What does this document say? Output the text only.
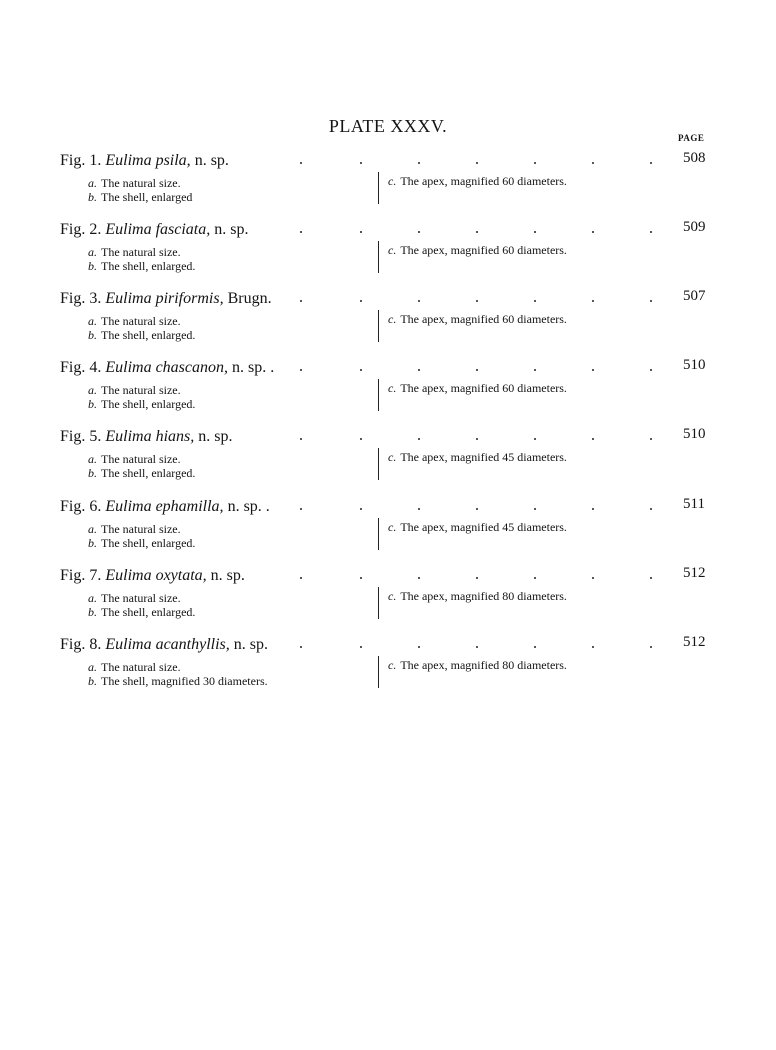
PLATE XXXV.
PAGE
Fig. 1. Eulima psila, n. sp.	508
a. The natural size.
b. The shell, enlarged
c. The apex, magnified 60 diameters.
Fig. 2. Eulima fasciata, n. sp.	509
a. The natural size.
b. The shell, enlarged.
c. The apex, magnified 60 diameters.
Fig. 3. Eulima piriformis, Brugn.	507
a. The natural size.
b. The shell, enlarged.
c. The apex, magnified 60 diameters.
Fig. 4. Eulima chascanon, n. sp. .	510
a. The natural size.
b. The shell, enlarged.
c. The apex, magnified 60 diameters.
Fig. 5. Eulima hians, n. sp.	510
a. The natural size.
b. The shell, enlarged.
c. The apex, magnified 45 diameters.
Fig. 6. Eulima ephamilla, n. sp. .	511
a. The natural size.
b. The shell, enlarged.
c. The apex, magnified 45 diameters.
Fig. 7. Eulima oxytata, n. sp.	512
a. The natural size.
b. The shell, enlarged.
c. The apex, magnified 80 diameters.
Fig. 8. Eulima acanthyllis, n. sp.	512
a. The natural size.
b. The shell, magnified 30 diameters.
c. The apex, magnified 80 diameters.
